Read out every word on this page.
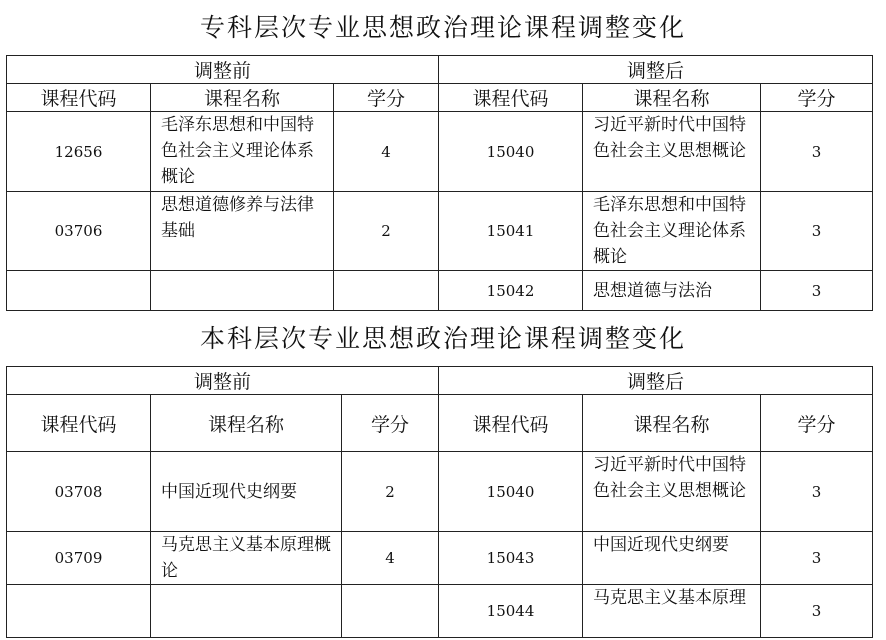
专科层次专业思想政治理论课程调整变化
调整前			调整后		
课程代码	课程名称	学分	课程代码	课程名称	学分
12656	毛泽东思想和中国特色社会主义理论体系概论	4	15040	习近平新时代中国特色社会主义思想概论	3
03706	思想道德修养与法律基础	2	15041	毛泽东思想和中国特色社会主义理论体系概论	3
			15042	思想道德与法治	3
本科层次专业思想政治理论课程调整变化
调整前			调整后		
课程代码	课程名称	学分	课程代码	课程名称	学分
03708	中国近现代史纲要	2	15040	习近平新时代中国特色社会主义思想概论	3
03709	马克思主义基本原理概论	4	15043	中国近现代史纲要	3
			15044	马克思主义基本原理	3
